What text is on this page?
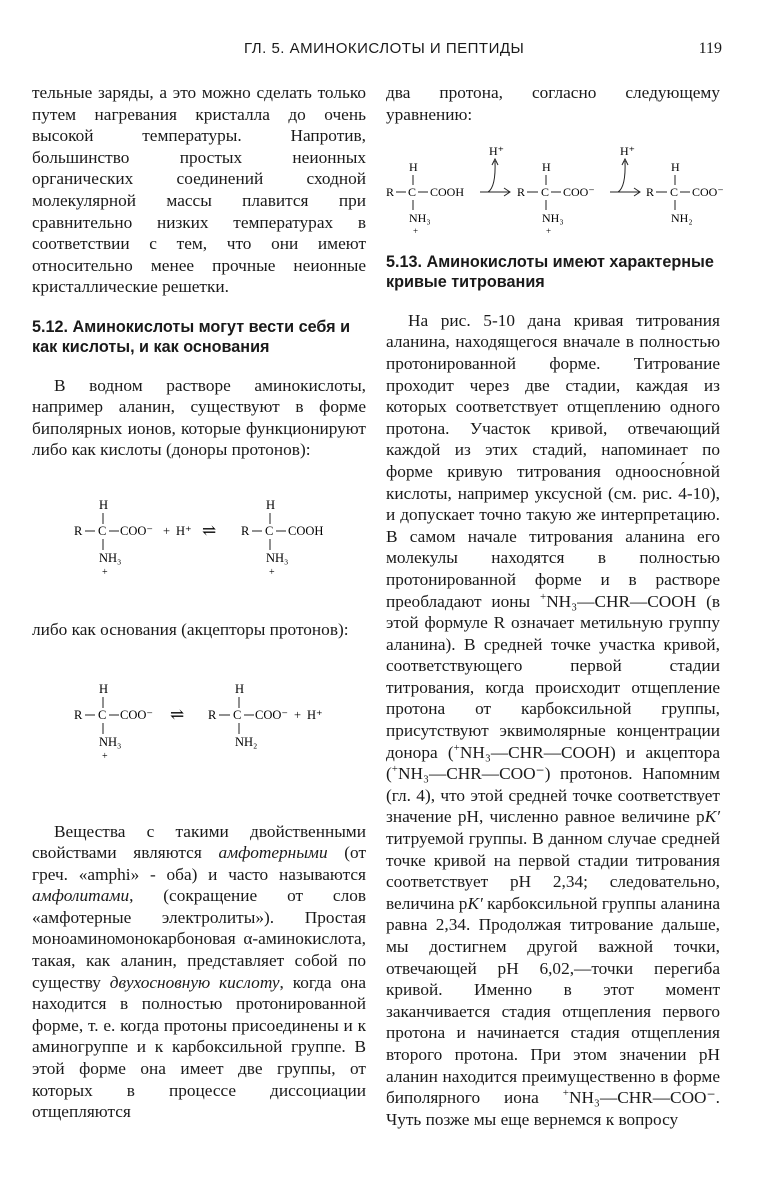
ГЛ. 5. АМИНОКИСЛОТЫ И ПЕПТИДЫ	119

тельные заряды, а это можно сделать только путем нагревания кристалла до очень высокой температуры. Напротив, большинство простых неионных органических соединений сходной молекулярной массы плавится при сравнительно низких температурах в соответствии с тем, что они имеют относительно менее прочные неионные кристаллические решетки.

5.12. Аминокислоты могут вести себя и как кислоты, и как основания

В водном растворе аминокислоты, например аланин, существуют в форме биполярных ионов, которые функционируют либо как кислоты (доноры протонов):

H
R C COO⁻
NH₃
+
+ H⁺ ⇌
H
R C COOH
NH₃
+

либо как основания (акцепторы протонов):

H
R C COO⁻
NH₃
+
⇌
H
R C COO⁻ + H⁺
NH₂

Вещества с такими двойственными свойствами являются амфотерными (от греч. «amphi» - оба) и часто называются амфолитами, (сокращение от слов «амфотерные электролиты»). Простая моноаминомонокарбоновая α-аминокислота, такая, как аланин, представляет собой по существу двухосновную кислоту, когда она находится в полностью протонированной форме, т. е. когда протоны присоединены и к аминогруппе и к карбоксильной группе. В этой форме она имеет две группы, от которых в процессе диссоциации отщепляются

два протона, согласно следующему уравнению:

H
R C COOH
NH₃
+
H⁺
H
R C COO⁻
NH₃
+
H⁺
H
R C COO⁻
NH₂
5.13. Аминокислоты имеют характерные кривые титрования

На рис. 5-10 дана кривая титрования аланина, находящегося вначале в полностью протонированной форме. Титрование проходит через две стадии, каждая из которых соответствует отщеплению одного протона. Участок кривой, отвечающий каждой из этих стадий, напоминает по форме кривую титрования одноосно́вной кислоты, например уксусной (см. рис. 4-10), и допускает точно такую же интерпретацию. В самом начале титрования аланина его молекулы находятся в полностью протонированной форме и в растворе преобладают ионы +NH₃—CHR—COOH (в этой формуле R означает метильную группу аланина). В средней точке участка кривой, соответствующего первой стадии титрования, когда происходит отщепление протона от карбоксильной группы, присутствуют эквимолярные концентрации донора (+NH₃—CHR—COOH) и акцептора (+NH₃—CHR—COO⁻) протонов. Напомним (гл. 4), что этой средней точке соответствует значение pH, численно равное величине pK′ титруемой группы. В данном случае средней точке кривой на первой стадии титрования соответствует pH 2,34; следовательно, величина pK′ карбоксильной группы аланина равна 2,34. Продолжая титрование дальше, мы достигнем другой важной точки, отвечающей pH 6,02,—точки перегиба кривой. Именно в этот момент заканчивается стадия отщепления первого протона и начинается стадия отщепления второго протона. При этом значении pH аланин находится преимущественно в форме биполярного иона +NH₃—CHR—COO⁻. Чуть позже мы еще вернемся к вопросу
